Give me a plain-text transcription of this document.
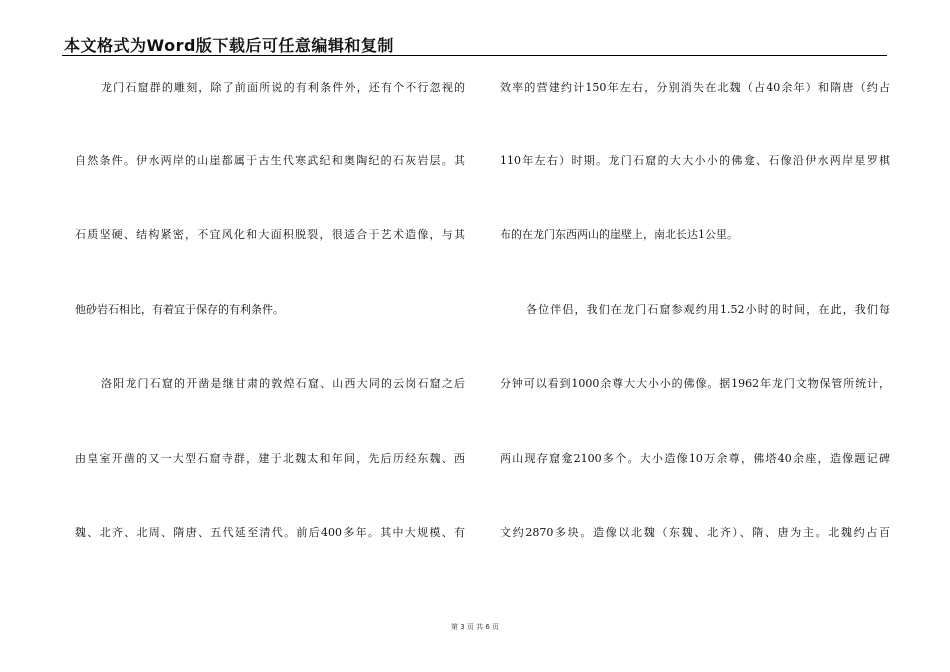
本文格式为Word版下载后可任意编辑和复制
龙门石窟群的雕刻，除了前面所说的有利条件外，还有个不行忽视的
自然条件。伊水两岸的山崖都属于古生代寒武纪和奥陶纪的石灰岩层。其
石质坚硬、结构紧密，不宜风化和大面积脱裂，很适合于艺术造像，与其
他砂岩石相比，有着宜于保存的有利条件。
洛阳龙门石窟的开凿是继甘肃的敦煌石窟、山西大同的云岗石窟之后
由皇室开凿的又一大型石窟寺群，建于北魏太和年间，先后历经东魏、西
魏、北齐、北周、隋唐、五代延至清代。前后400多年。其中大规模、有
效率的营建约计150年左右，分别消失在北魏（占40余年）和隋唐（约占
110年左右）时期。龙门石窟的大大小小的佛龛、石像沿伊水两岸星罗棋
布的在龙门东西两山的崖壁上，南北长达1公里。
各位伴侣，我们在龙门石窟参观约用1.52小时的时间，在此，我们每
分钟可以看到1000余尊大大小小的佛像。据1962年龙门文物保管所统计，
两山现存窟龛2100多个。大小造像10万余尊，佛塔40余座，造像题记碑
文约2870多块。造像以北魏（东魏、北齐）、隋、唐为主。北魏约占百
第 3 页 共 6 页
